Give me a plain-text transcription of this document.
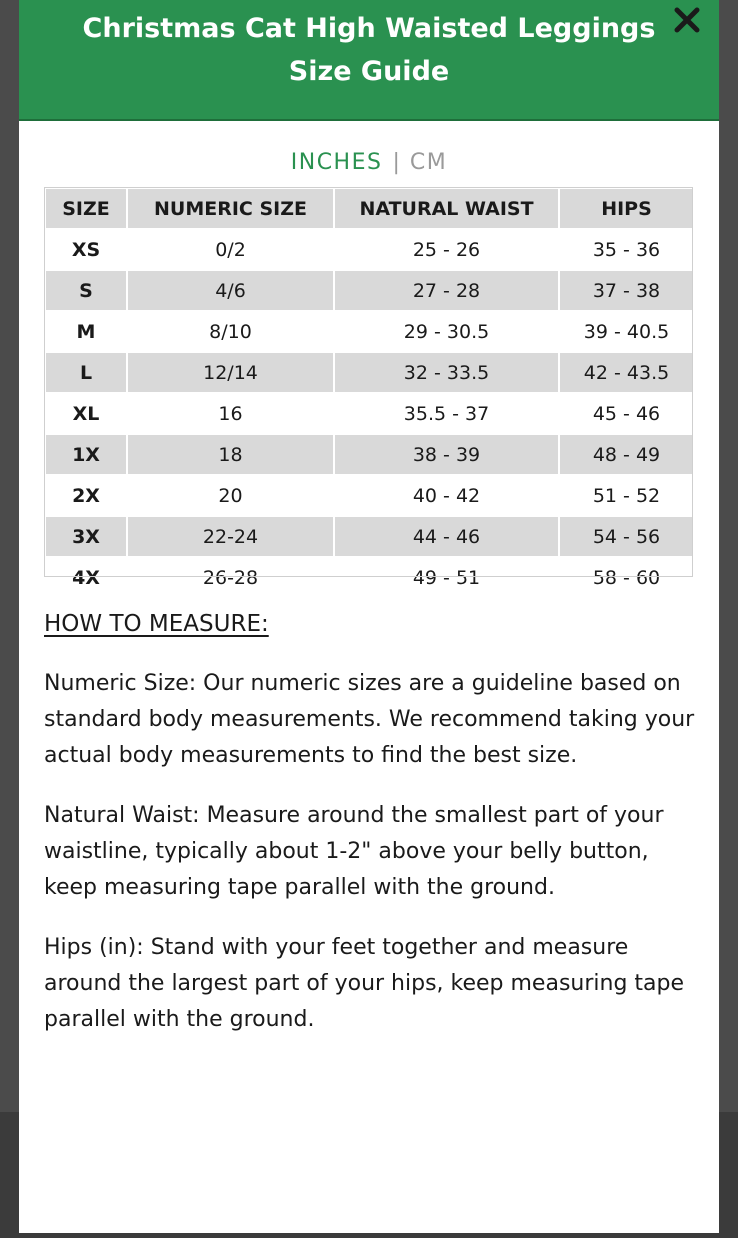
Christmas Cat High Waisted Leggings
Size Guide
INCHES | CM
SIZE	NUMERIC SIZE	NATURAL WAIST	HIPS
XS	0/2	25 - 26	35 - 36
S	4/6	27 - 28	37 - 38
M	8/10	29 - 30.5	39 - 40.5
L	12/14	32 - 33.5	42 - 43.5
XL	16	35.5 - 37	45 - 46
1X	18	38 - 39	48 - 49
2X	20	40 - 42	51 - 52
3X	22-24	44 - 46	54 - 56
4X	26-28	49 - 51	58 - 60
HOW TO MEASURE:
Numeric Size: Our numeric sizes are a guideline based on standard body measurements. We recommend taking your actual body measurements to find the best size.
Natural Waist: Measure around the smallest part of your waistline, typically about 1-2" above your belly button, keep measuring tape parallel with the ground.
Hips (in): Stand with your feet together and measure around the largest part of your hips, keep measuring tape parallel with the ground.
